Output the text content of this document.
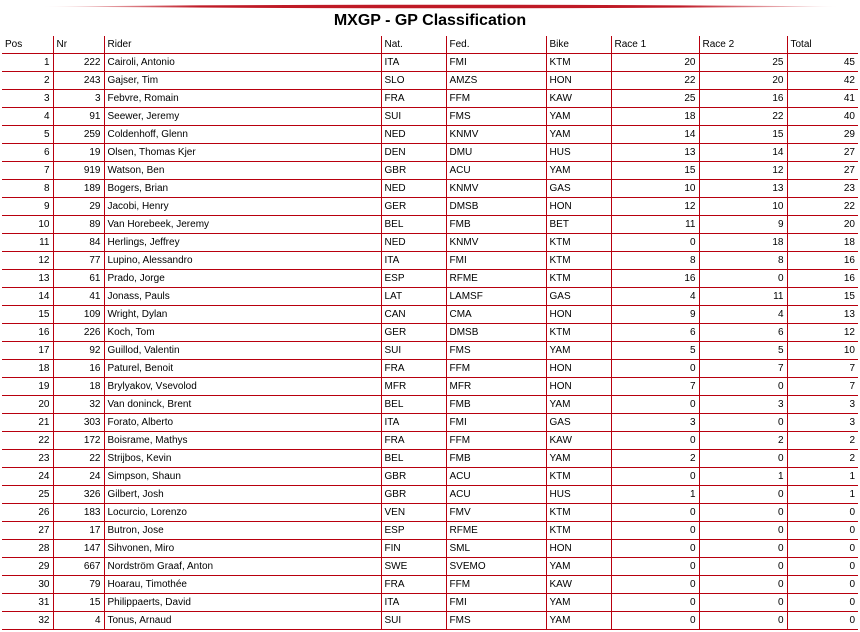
MXGP - GP Classification
Pos	Nr	Rider	Nat.	Fed.	Bike	Race 1	Race 2	Total
1	222	Cairoli, Antonio	ITA	FMI	KTM	20	25	45
2	243	Gajser, Tim	SLO	AMZS	HON	22	20	42
3	3	Febvre, Romain	FRA	FFM	KAW	25	16	41
4	91	Seewer, Jeremy	SUI	FMS	YAM	18	22	40
5	259	Coldenhoff, Glenn	NED	KNMV	YAM	14	15	29
6	19	Olsen, Thomas Kjer	DEN	DMU	HUS	13	14	27
7	919	Watson, Ben	GBR	ACU	YAM	15	12	27
8	189	Bogers, Brian	NED	KNMV	GAS	10	13	23
9	29	Jacobi, Henry	GER	DMSB	HON	12	10	22
10	89	Van Horebeek, Jeremy	BEL	FMB	BET	11	9	20
11	84	Herlings, Jeffrey	NED	KNMV	KTM	0	18	18
12	77	Lupino, Alessandro	ITA	FMI	KTM	8	8	16
13	61	Prado, Jorge	ESP	RFME	KTM	16	0	16
14	41	Jonass, Pauls	LAT	LAMSF	GAS	4	11	15
15	109	Wright, Dylan	CAN	CMA	HON	9	4	13
16	226	Koch, Tom	GER	DMSB	KTM	6	6	12
17	92	Guillod, Valentin	SUI	FMS	YAM	5	5	10
18	16	Paturel, Benoit	FRA	FFM	HON	0	7	7
19	18	Brylyakov, Vsevolod	MFR	MFR	HON	7	0	7
20	32	Van doninck, Brent	BEL	FMB	YAM	0	3	3
21	303	Forato, Alberto	ITA	FMI	GAS	3	0	3
22	172	Boisrame, Mathys	FRA	FFM	KAW	0	2	2
23	22	Strijbos, Kevin	BEL	FMB	YAM	2	0	2
24	24	Simpson, Shaun	GBR	ACU	KTM	0	1	1
25	326	Gilbert, Josh	GBR	ACU	HUS	1	0	1
26	183	Locurcio, Lorenzo	VEN	FMV	KTM	0	0	0
27	17	Butron, Jose	ESP	RFME	KTM	0	0	0
28	147	Sihvonen, Miro	FIN	SML	HON	0	0	0
29	667	Nordström Graaf, Anton	SWE	SVEMO	YAM	0	0	0
30	79	Hoarau, Timothée	FRA	FFM	KAW	0	0	0
31	15	Philippaerts, David	ITA	FMI	YAM	0	0	0
32	4	Tonus, Arnaud	SUI	FMS	YAM	0	0	0
